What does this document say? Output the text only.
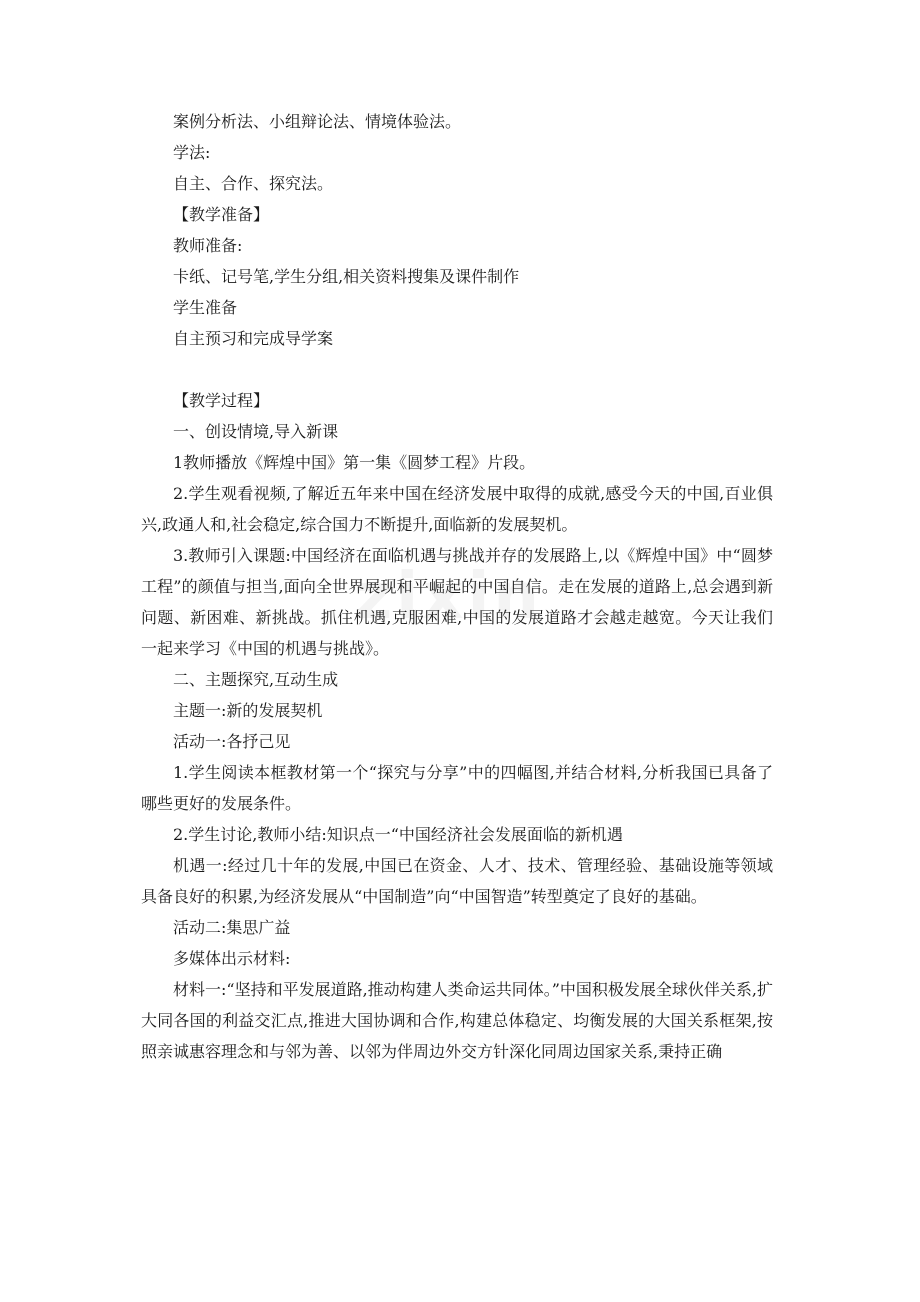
zixin

案例分析法、小组辩论法、情境体验法。

学法:

自主、合作、探究法。

【教学准备】

教师准备:

卡纸、记号笔,学生分组,相关资料搜集及课件制作

学生准备

自主预习和完成导学案

【教学过程】

一、创设情境,导入新课

1教师播放《辉煌中国》第一集《圆梦工程》片段。

2.学生观看视频,了解近五年来中国在经济发展中取得的成就,感受今天的中国,百业俱兴,政通人和,社会稳定,综合国力不断提升,面临新的发展契机。

3.教师引入课题:中国经济在面临机遇与挑战并存的发展路上,以《辉煌中国》中“圆梦工程”的颜值与担当,面向全世界展现和平崛起的中国自信。走在发展的道路上,总会遇到新问题、新困难、新挑战。抓住机遇,克服困难,中国的发展道路才会越走越宽。今天让我们一起来学习《中国的机遇与挑战》。

二、主题探究,互动生成

主题一:新的发展契机

活动一:各抒己见

1.学生阅读本框教材第一个“探究与分享”中的四幅图,并结合材料,分析我国已具备了哪些更好的发展条件。

2.学生讨论,教师小结:知识点一“中国经济社会发展面临的新机遇

机遇一:经过几十年的发展,中国已在资金、人才、技术、管理经验、基础设施等领域具备良好的积累,为经济发展从“中国制造”向“中国智造”转型奠定了良好的基础。

活动二:集思广益

多媒体出示材料:

材料一:“坚持和平发展道路,推动构建人类命运共同体。”中国积极发展全球伙伴关系,扩大同各国的利益交汇点,推进大国协调和合作,构建总体稳定、均衡发展的大国关系框架,按照亲诚惠容理念和与邻为善、以邻为伴周边外交方针深化同周边国家关系,秉持正确
